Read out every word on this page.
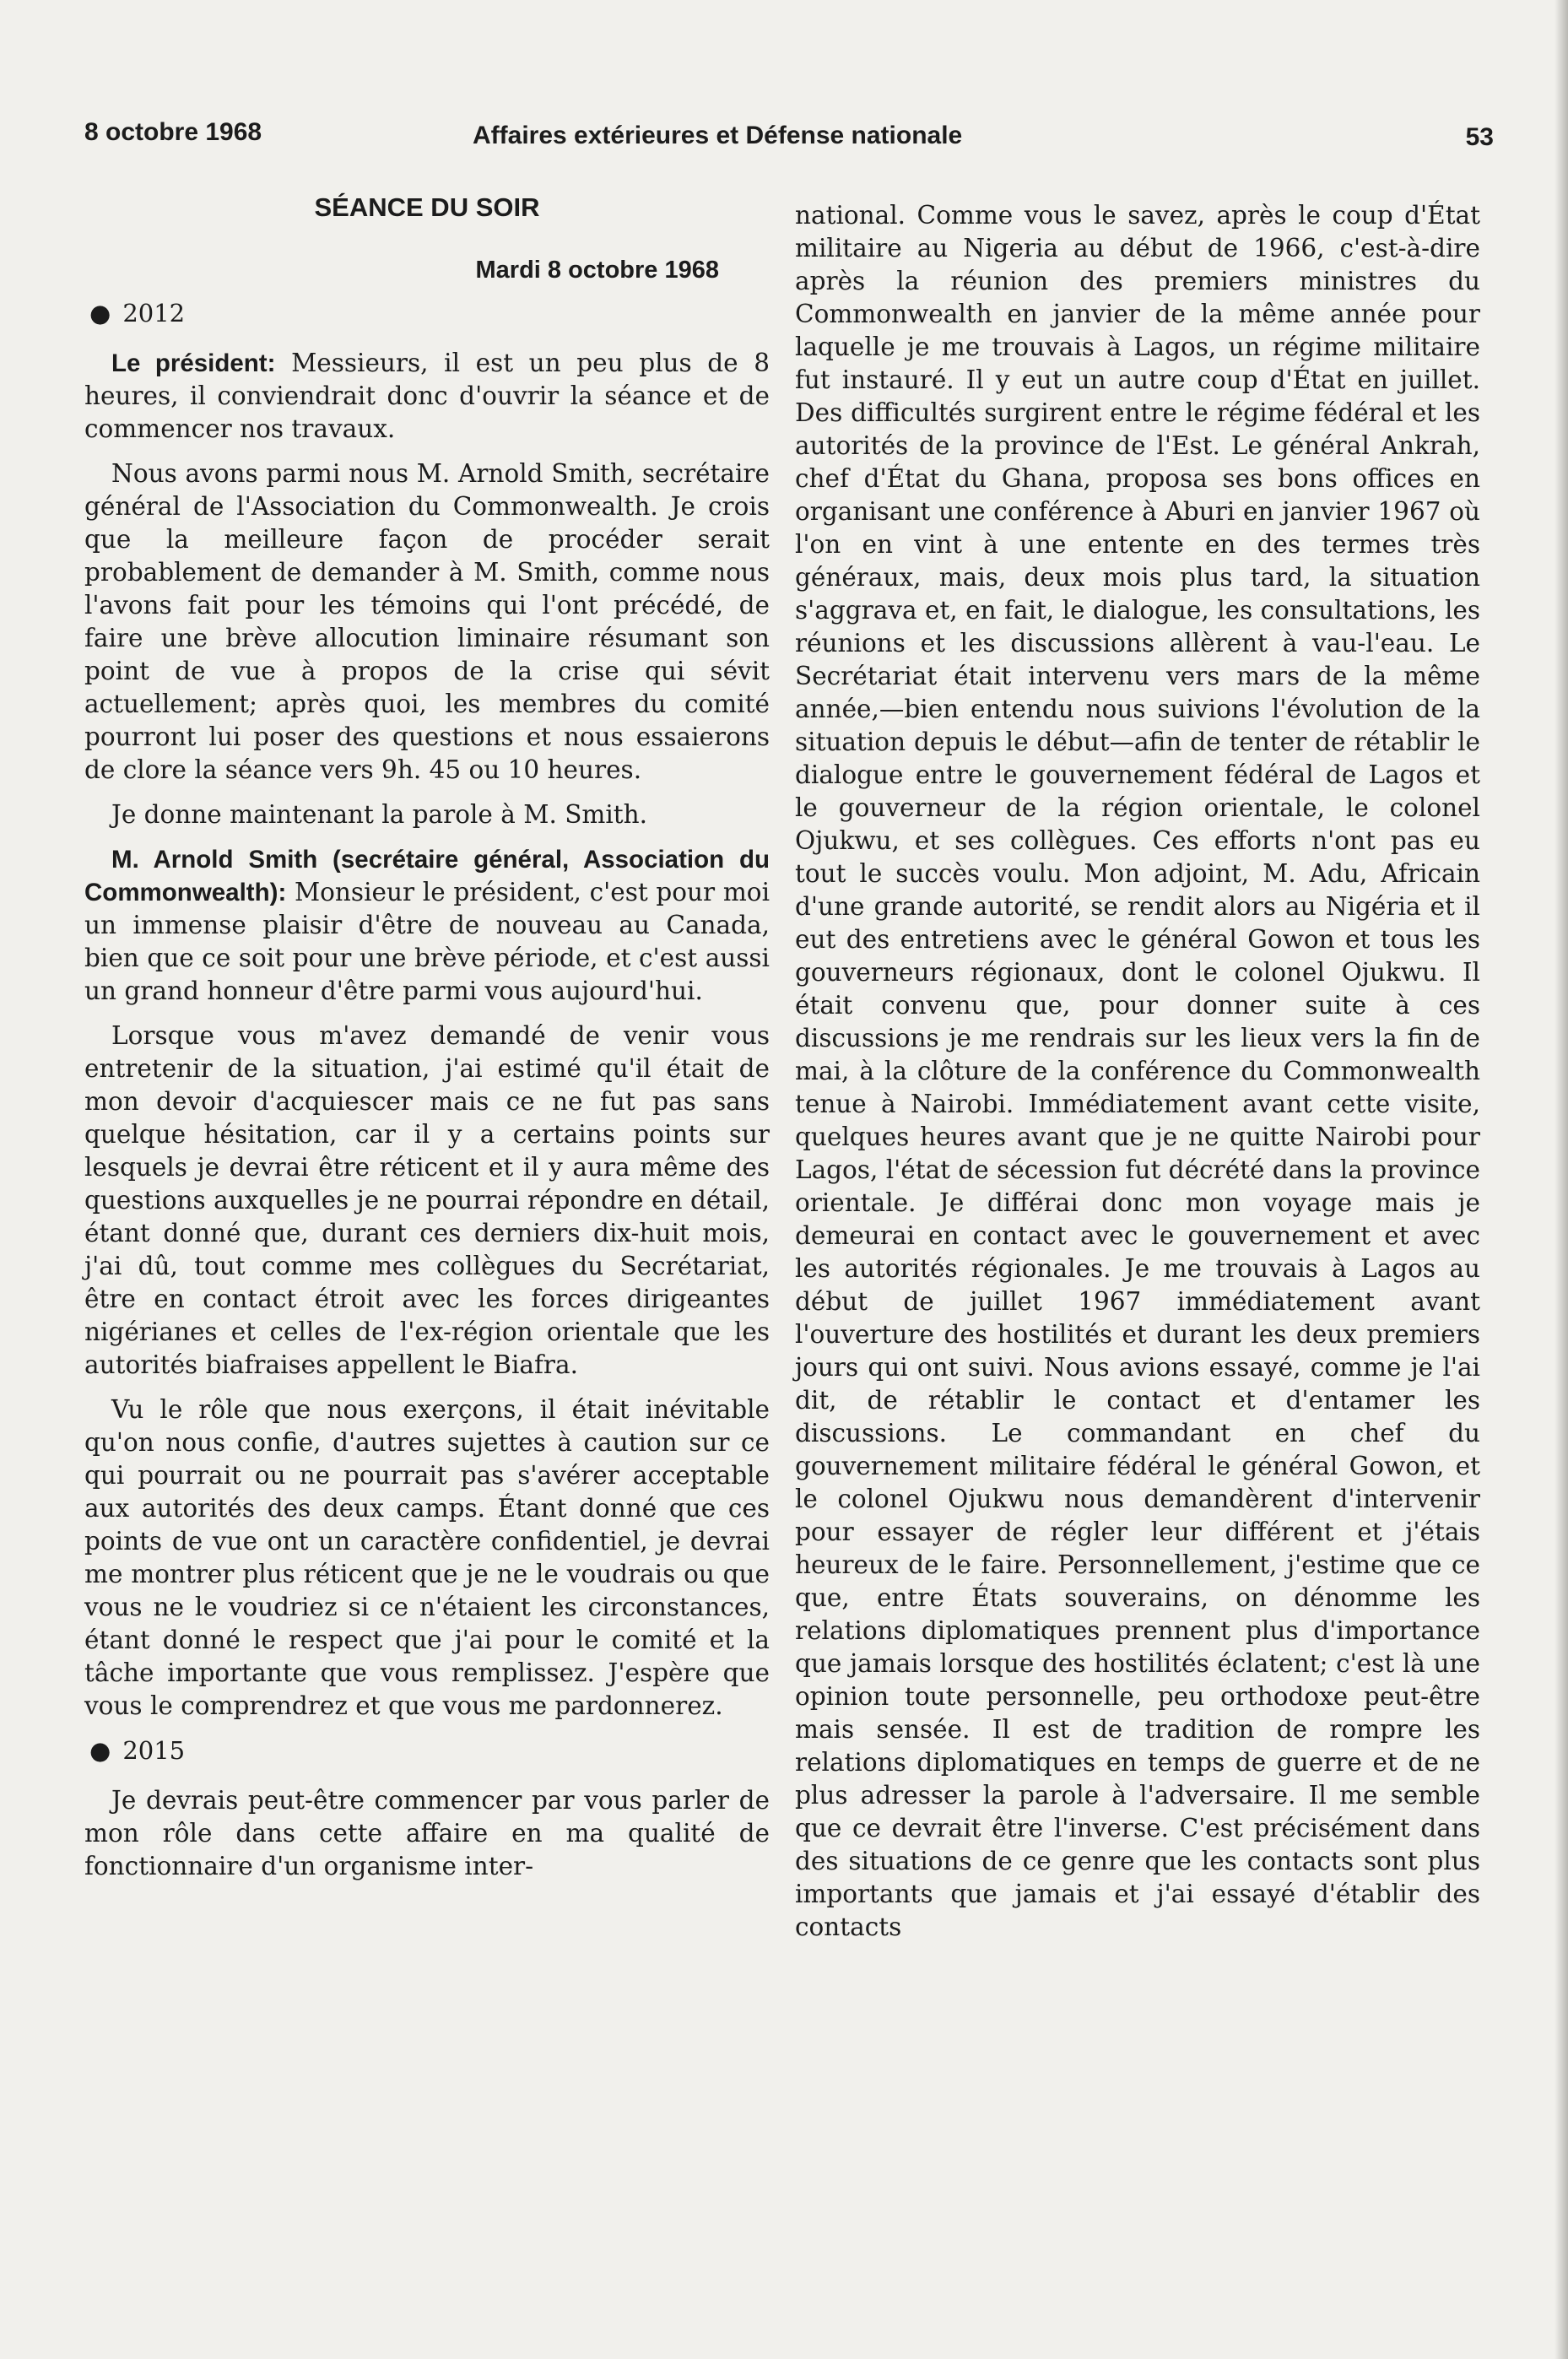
8 octobre 1968	Affaires extérieures et Défense nationale	53
SÉANCE DU SOIR
Mardi 8 octobre 1968
● 2012

Le président: Messieurs, il est un peu plus de 8 heures, il conviendrait donc d'ouvrir la séance et de commencer nos travaux.

Nous avons parmi nous M. Arnold Smith, secrétaire général de l'Association du Commonwealth. Je crois que la meilleure façon de procéder serait probablement de demander à M. Smith, comme nous l'avons fait pour les témoins qui l'ont précédé, de faire une brève allocution liminaire résumant son point de vue à propos de la crise qui sévit actuellement; après quoi, les membres du comité pourront lui poser des questions et nous essaierons de clore la séance vers 9h. 45 ou 10 heures.

Je donne maintenant la parole à M. Smith.

M. Arnold Smith (secrétaire général, Association du Commonwealth): Monsieur le président, c'est pour moi un immense plaisir d'être de nouveau au Canada, bien que ce soit pour une brève période, et c'est aussi un grand honneur d'être parmi vous aujourd'hui.

Lorsque vous m'avez demandé de venir vous entretenir de la situation, j'ai estimé qu'il était de mon devoir d'acquiescer mais ce ne fut pas sans quelque hésitation, car il y a certains points sur lesquels je devrai être réticent et il y aura même des questions auxquelles je ne pourrai répondre en détail, étant donné que, durant ces derniers dix-huit mois, j'ai dû, tout comme mes collègues du Secrétariat, être en contact étroit avec les forces dirigeantes nigérianes et celles de l'ex-région orientale que les autorités biafraises appellent le Biafra.

Vu le rôle que nous exerçons, il était inévitable qu'on nous confie, d'autres sujettes à caution sur ce qui pourrait ou ne pourrait pas s'avérer acceptable aux autorités des deux camps. Étant donné que ces points de vue ont un caractère confidentiel, je devrai me montrer plus réticent que je ne le voudrais ou que vous ne le voudriez si ce n'étaient les circonstances, étant donné le respect que j'ai pour le comité et la tâche importante que vous remplissez. J'espère que vous le comprendrez et que vous me pardonnerez.

● 2015

Je devrais peut-être commencer par vous parler de mon rôle dans cette affaire en ma qualité de fonctionnaire d'un organisme inter-

national. Comme vous le savez, après le coup d'État militaire au Nigeria au début de 1966, c'est-à-dire après la réunion des premiers ministres du Commonwealth en janvier de la même année pour laquelle je me trouvais à Lagos, un régime militaire fut instauré. Il y eut un autre coup d'État en juillet. Des difficultés surgirent entre le régime fédéral et les autorités de la province de l'Est. Le général Ankrah, chef d'État du Ghana, proposa ses bons offices en organisant une conférence à Aburi en janvier 1967 où l'on en vint à une entente en des termes très généraux, mais, deux mois plus tard, la situation s'aggrava et, en fait, le dialogue, les consultations, les réunions et les discussions allèrent à vau-l'eau. Le Secrétariat était intervenu vers mars de la même année,—bien entendu nous suivions l'évolution de la situation depuis le début—afin de tenter de rétablir le dialogue entre le gouvernement fédéral de Lagos et le gouverneur de la région orientale, le colonel Ojukwu, et ses collègues. Ces efforts n'ont pas eu tout le succès voulu. Mon adjoint, M. Adu, Africain d'une grande autorité, se rendit alors au Nigéria et il eut des entretiens avec le général Gowon et tous les gouverneurs régionaux, dont le colonel Ojukwu. Il était convenu que, pour donner suite à ces discussions je me rendrais sur les lieux vers la fin de mai, à la clôture de la conférence du Commonwealth tenue à Nairobi. Immédiatement avant cette visite, quelques heures avant que je ne quitte Nairobi pour Lagos, l'état de sécession fut décrété dans la province orientale. Je différai donc mon voyage mais je demeurai en contact avec le gouvernement et avec les autorités régionales. Je me trouvais à Lagos au début de juillet 1967 immédiatement avant l'ouverture des hostilités et durant les deux premiers jours qui ont suivi. Nous avions essayé, comme je l'ai dit, de rétablir le contact et d'entamer les discussions. Le commandant en chef du gouvernement militaire fédéral le général Gowon, et le colonel Ojukwu nous demandèrent d'intervenir pour essayer de régler leur différent et j'étais heureux de le faire. Personnellement, j'estime que ce que, entre États souverains, on dénomme les relations diplomatiques prennent plus d'importance que jamais lorsque des hostilités éclatent; c'est là une opinion toute personnelle, peu orthodoxe peut-être mais sensée. Il est de tradition de rompre les relations diplomatiques en temps de guerre et de ne plus adresser la parole à l'adversaire. Il me semble que ce devrait être l'inverse. C'est précisément dans des situations de ce genre que les contacts sont plus importants que jamais et j'ai essayé d'établir des contacts
